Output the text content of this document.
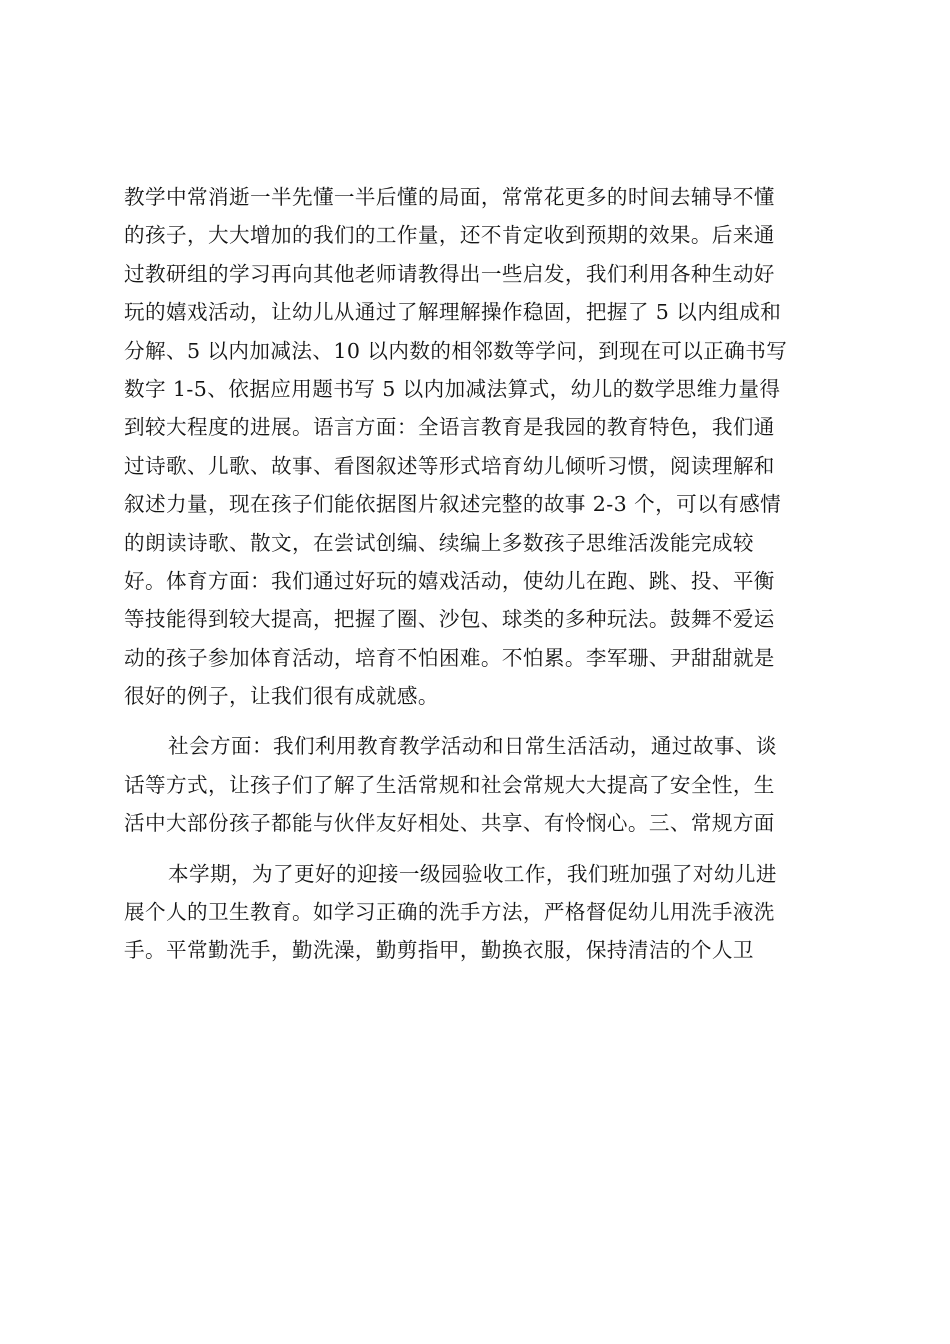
教学中常消逝一半先懂一半后懂的局面，常常花更多的时间去辅导不懂
的孩子，大大增加的我们的工作量，还不肯定收到预期的效果。后来通
过教研组的学习再向其他老师请教得出一些启发，我们利用各种生动好
玩的嬉戏活动，让幼儿从通过了解理解操作稳固，把握了 5 以内组成和
分解、5 以内加减法、10 以内数的相邻数等学问，到现在可以正确书写
数字 1-5、依据应用题书写 5 以内加减法算式，幼儿的数学思维力量得
到较大程度的进展。语言方面：全语言教育是我园的教育特色，我们通
过诗歌、儿歌、故事、看图叙述等形式培育幼儿倾听习惯，阅读理解和
叙述力量，现在孩子们能依据图片叙述完整的故事 2-3 个，可以有感情
的朗读诗歌、散文，在尝试创编、续编上多数孩子思维活泼能完成较
好。体育方面：我们通过好玩的嬉戏活动，使幼儿在跑、跳、投、平衡
等技能得到较大提高，把握了圈、沙包、球类的多种玩法。鼓舞不爱运
动的孩子参加体育活动，培育不怕困难。不怕累。李军珊、尹甜甜就是
很好的例子，让我们很有成就感。
社会方面：我们利用教育教学活动和日常生活活动，通过故事、谈
话等方式，让孩子们了解了生活常规和社会常规大大提高了安全性，生
活中大部份孩子都能与伙伴友好相处、共享、有怜悯心。三、常规方面
本学期，为了更好的迎接一级园验收工作，我们班加强了对幼儿进
展个人的卫生教育。如学习正确的洗手方法，严格督促幼儿用洗手液洗
手。平常勤洗手，勤洗澡，勤剪指甲，勤换衣服，保持清洁的个人卫
